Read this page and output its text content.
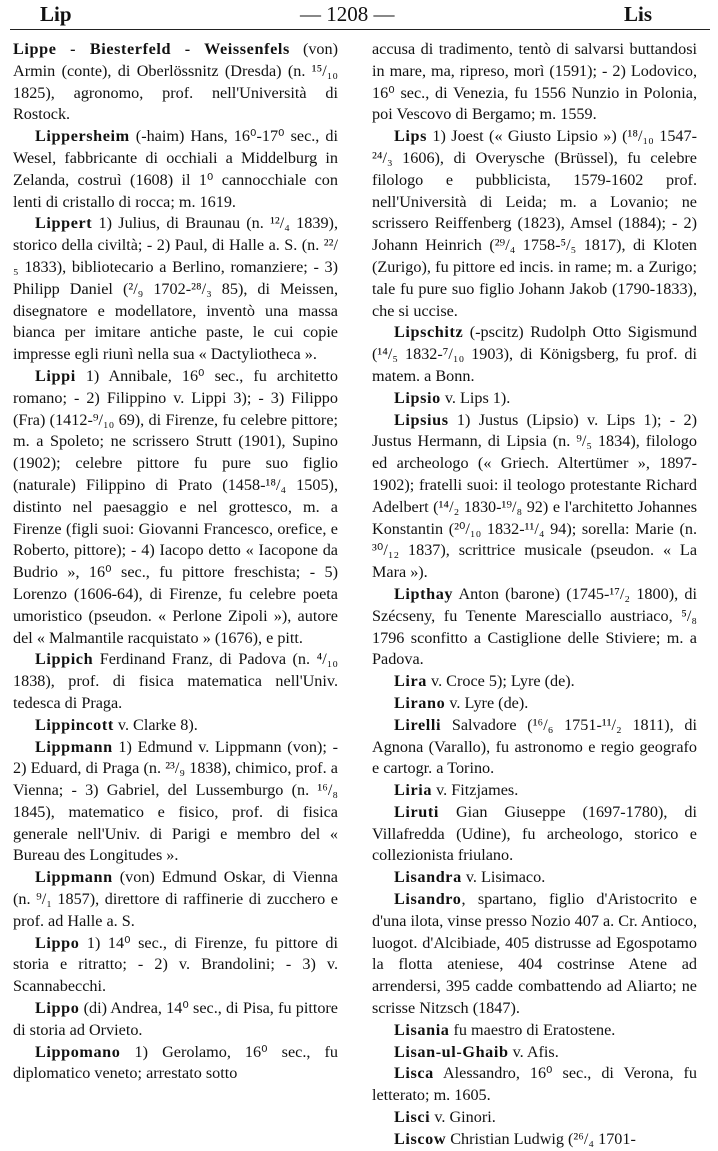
Lip	— 1208 —	Lis

Lippe - Biesterfeld - Weissenfels (von) Armin (conte), di Oberlössnitz (Dresda) (n. ¹⁵/₁₀ 1825), agronomo, prof. nell'Università di Rostock.

Lippersheim (-haim) Hans, 16⁰-17⁰ sec., di Wesel, fabbricante di occhiali a Middelburg in Zelanda, costruì (1608) il 1⁰ cannocchiale con lenti di cristallo di rocca; m. 1619.

Lippert 1) Julius, di Braunau (n. ¹²/₄ 1839), storico della civiltà; - 2) Paul, di Halle a. S. (n. ²²/₅ 1833), bibliotecario a Berlino, romanziere; - 3) Philipp Daniel (²/₉ 1702-²⁸/₃ 85), di Meissen, disegnatore e modellatore, inventò una massa bianca per imitare antiche paste, le cui copie impresse egli riunì nella sua « Dactyliotheca ».

Lippi 1) Annibale, 16⁰ sec., fu architetto romano; - 2) Filippino v. Lippi 3); - 3) Filippo (Fra) (1412-⁹/₁₀ 69), di Firenze, fu celebre pittore; m. a Spoleto; ne scrissero Strutt (1901), Supino (1902); celebre pittore fu pure suo figlio (naturale) Filippino di Prato (1458-¹⁸/₄ 1505), distinto nel paesaggio e nel grottesco, m. a Firenze (figli suoi: Giovanni Francesco, orefice, e Roberto, pittore); - 4) Iacopo detto « Iacopone da Budrio », 16⁰ sec., fu pittore freschista; - 5) Lorenzo (1606-64), di Firenze, fu celebre poeta umoristico (pseudon. « Perlone Zipoli »), autore del « Malmantile racquistato » (1676), e pitt.

Lippich Ferdinand Franz, di Padova (n. ⁴/₁₀ 1838), prof. di fisica matematica nell'Univ. tedesca di Praga.

Lippincott v. Clarke 8).

Lippmann 1) Edmund v. Lippmann (von); - 2) Eduard, di Praga (n. ²³/₉ 1838), chimico, prof. a Vienna; - 3) Gabriel, del Lussemburgo (n. ¹⁶/₈ 1845), matematico e fisico, prof. di fisica generale nell'Univ. di Parigi e membro del « Bureau des Longitudes ».

Lippmann (von) Edmund Oskar, di Vienna (n. ⁹/₁ 1857), direttore di raffinerie di zucchero e prof. ad Halle a. S.

Lippo 1) 14⁰ sec., di Firenze, fu pittore di storia e ritratto; - 2) v. Brandolini; - 3) v. Scannabecchi.

Lippo (di) Andrea, 14⁰ sec., di Pisa, fu pittore di storia ad Orvieto.

Lippomano 1) Gerolamo, 16⁰ sec., fu diplomatico veneto; arrestato sotto

accusa di tradimento, tentò di salvarsi buttandosi in mare, ma, ripreso, morì (1591); - 2) Lodovico, 16⁰ sec., di Venezia, fu 1556 Nunzio in Polonia, poi Vescovo di Bergamo; m. 1559.

Lips 1) Joest (« Giusto Lipsio ») (¹⁸/₁₀ 1547-²⁴/₃ 1606), di Overysche (Brüssel), fu celebre filologo e pubblicista, 1579-1602 prof. nell'Università di Leida; m. a Lovanio; ne scrissero Reiffenberg (1823), Amsel (1884); - 2) Johann Heinrich (²⁹/₄ 1758-⁵/₅ 1817), di Kloten (Zurigo), fu pittore ed incis. in rame; m. a Zurigo; tale fu pure suo figlio Johann Jakob (1790-1833), che si uccise.

Lipschitz (-pscitz) Rudolph Otto Sigismund (¹⁴/₅ 1832-⁷/₁₀ 1903), di Königsberg, fu prof. di matem. a Bonn.

Lipsio v. Lips 1).

Lipsius 1) Justus (Lipsio) v. Lips 1); - 2) Justus Hermann, di Lipsia (n. ⁹/₅ 1834), filologo ed archeologo (« Griech. Altertümer », 1897-1902); fratelli suoi: il teologo protestante Richard Adelbert (¹⁴/₂ 1830-¹⁹/₈ 92) e l'architetto Johannes Konstantin (²⁰/₁₀ 1832-¹¹/₄ 94); sorella: Marie (n. ³⁰/₁₂ 1837), scrittrice musicale (pseudon. « La Mara »).

Lipthay Anton (barone) (1745-¹⁷/₂ 1800), di Szécseny, fu Tenente Maresciallo austriaco, ⁵/₈ 1796 sconfitto a Castiglione delle Stiviere; m. a Padova.

Lira v. Croce 5); Lyre (de).

Lirano v. Lyre (de).

Lirelli Salvadore (¹⁶/₆ 1751-¹¹/₂ 1811), di Agnona (Varallo), fu astronomo e regio geografo e cartogr. a Torino.

Liria v. Fitzjames.

Liruti Gian Giuseppe (1697-1780), di Villafredda (Udine), fu archeologo, storico e collezionista friulano.

Lisandra v. Lisimaco.

Lisandro, spartano, figlio d'Aristocrito e d'una ilota, vinse presso Nozio 407 a. Cr. Antioco, luogot. d'Alcibiade, 405 distrusse ad Egospotamo la flotta ateniese, 404 costrinse Atene ad arrendersi, 395 cadde combattendo ad Aliarto; ne scrisse Nitzsch (1847).

Lisania fu maestro di Eratostene.

Lisan-ul-Ghaib v. Afis.

Lisca Alessandro, 16⁰ sec., di Verona, fu letterato; m. 1605.

Lisci v. Ginori.

Liscow Christian Ludwig (²⁶/₄ 1701-
